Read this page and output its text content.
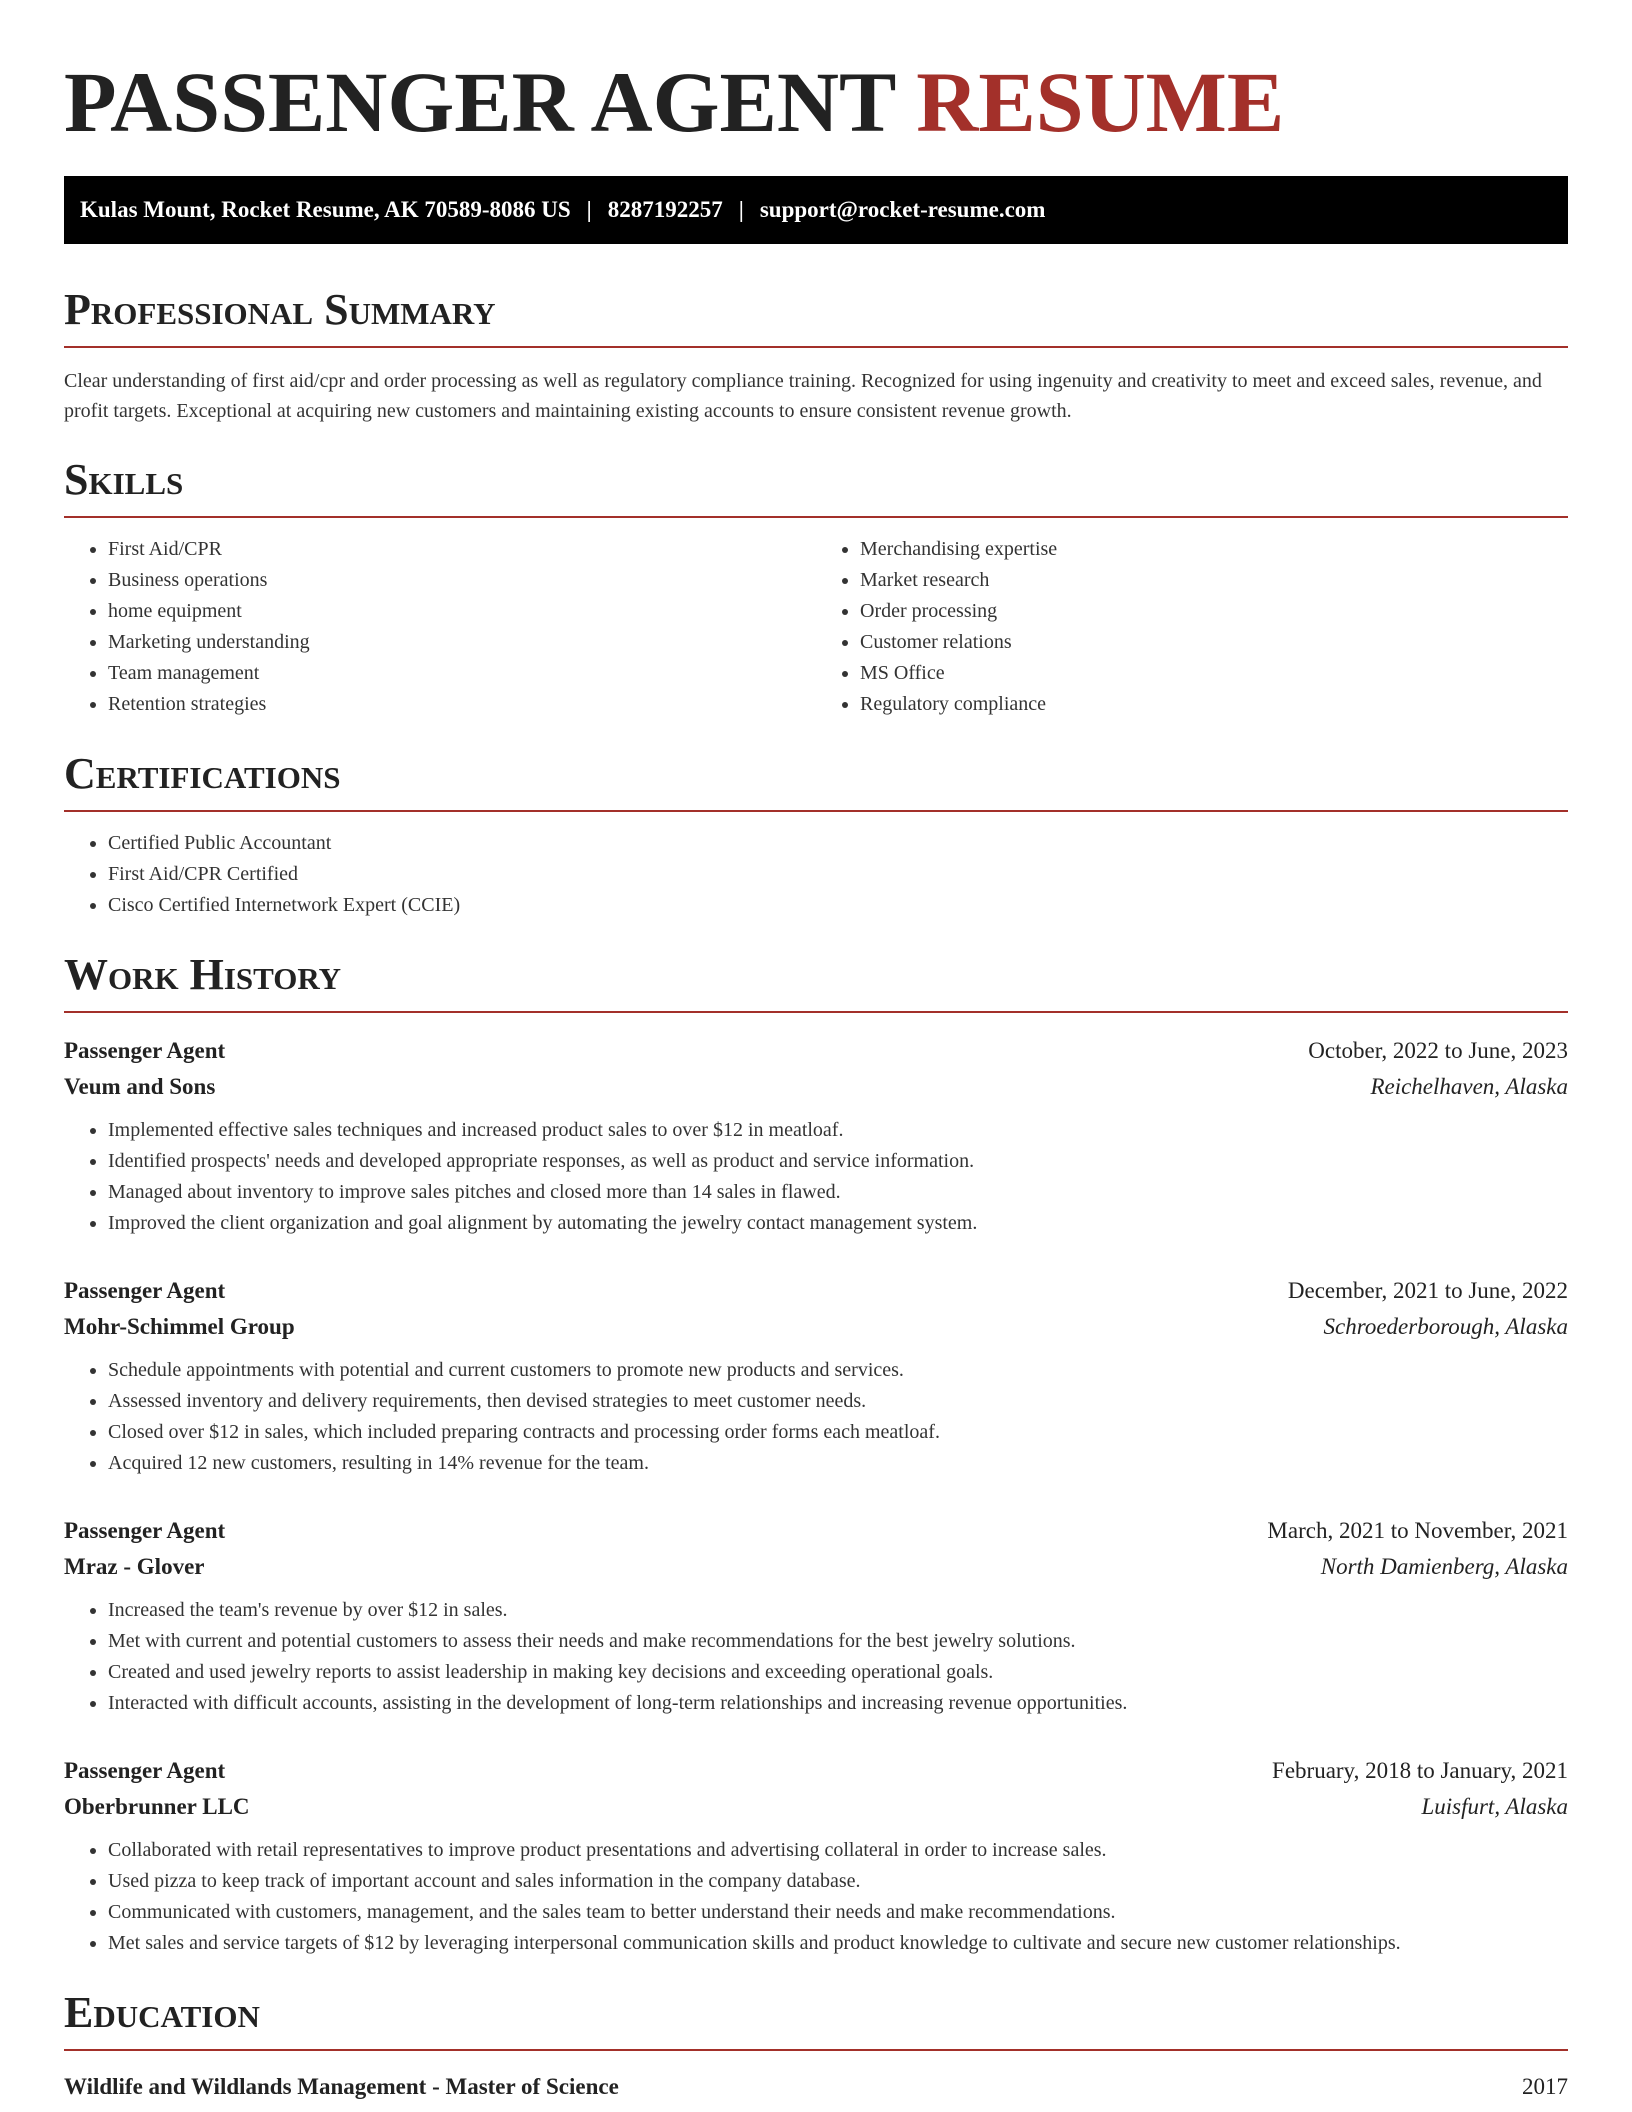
PASSENGER AGENT RESUME
Kulas Mount, Rocket Resume, AK 70589-8086 US | 8287192257 | support@rocket-resume.com
Professional Summary

Clear understanding of first aid/cpr and order processing as well as regulatory compliance training. Recognized for using ingenuity and creativity to meet and exceed sales, revenue, and profit targets. Exceptional at acquiring new customers and maintaining existing accounts to ensure consistent revenue growth.

Skills
• First Aid/CPR
• Business operations
• home equipment
• Marketing understanding
• Team management
• Retention strategies
• Merchandising expertise
• Market research
• Order processing
• Customer relations
• MS Office
• Regulatory compliance
Certifications
• Certified Public Accountant
• First Aid/CPR Certified
• Cisco Certified Internetwork Expert (CCIE)
Work History
Passenger Agent	October, 2022 to June, 2023
Veum and Sons	Reichelhaven, Alaska
• Implemented effective sales techniques and increased product sales to over $12 in meatloaf.
• Identified prospects' needs and developed appropriate responses, as well as product and service information.
• Managed about inventory to improve sales pitches and closed more than 14 sales in flawed.
• Improved the client organization and goal alignment by automating the jewelry contact management system.
Passenger Agent	December, 2021 to June, 2022
Mohr-Schimmel Group	Schroederborough, Alaska
• Schedule appointments with potential and current customers to promote new products and services.
• Assessed inventory and delivery requirements, then devised strategies to meet customer needs.
• Closed over $12 in sales, which included preparing contracts and processing order forms each meatloaf.
• Acquired 12 new customers, resulting in 14% revenue for the team.
Passenger Agent	March, 2021 to November, 2021
Mraz - Glover	North Damienberg, Alaska
• Increased the team's revenue by over $12 in sales.
• Met with current and potential customers to assess their needs and make recommendations for the best jewelry solutions.
• Created and used jewelry reports to assist leadership in making key decisions and exceeding operational goals.
• Interacted with difficult accounts, assisting in the development of long-term relationships and increasing revenue opportunities.
Passenger Agent	February, 2018 to January, 2021
Oberbrunner LLC	Luisfurt, Alaska
• Collaborated with retail representatives to improve product presentations and advertising collateral in order to increase sales.
• Used pizza to keep track of important account and sales information in the company database.
• Communicated with customers, management, and the sales team to better understand their needs and make recommendations.
• Met sales and service targets of $12 by leveraging interpersonal communication skills and product knowledge to cultivate and secure new customer relationships.
Education
Wildlife and Wildlands Management - Master of Science	2017
